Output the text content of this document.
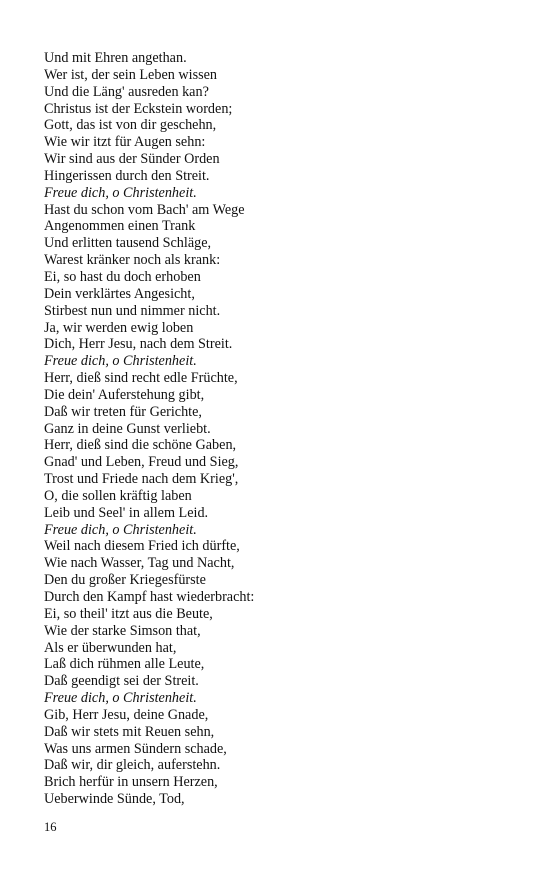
Und mit Ehren angethan.
Wer ist, der sein Leben wissen
Und die Läng' ausreden kan?
Christus ist der Eckstein worden;
Gott, das ist von dir geschehn,
Wie wir itzt für Augen sehn:
Wir sind aus der Sünder Orden
Hingerissen durch den Streit.
Freue dich, o Christenheit.
Hast du schon vom Bach' am Wege
Angenommen einen Trank
Und erlitten tausend Schläge,
Warest kränker noch als krank:
Ei, so hast du doch erhoben
Dein verklärtes Angesicht,
Stirbest nun und nimmer nicht.
Ja, wir werden ewig loben
Dich, Herr Jesu, nach dem Streit.
Freue dich, o Christenheit.
Herr, dieß sind recht edle Früchte,
Die dein' Auferstehung gibt,
Daß wir treten für Gerichte,
Ganz in deine Gunst verliebt.
Herr, dieß sind die schöne Gaben,
Gnad' und Leben, Freud und Sieg,
Trost und Friede nach dem Krieg',
O, die sollen kräftig laben
Leib und Seel' in allem Leid.
Freue dich, o Christenheit.
Weil nach diesem Fried ich dürfte,
Wie nach Wasser, Tag und Nacht,
Den du großer Kriegesfürste
Durch den Kampf hast wiederbracht:
Ei, so theil' itzt aus die Beute,
Wie der starke Simson that,
Als er überwunden hat,
Laß dich rühmen alle Leute,
Daß geendigt sei der Streit.
Freue dich, o Christenheit.
Gib, Herr Jesu, deine Gnade,
Daß wir stets mit Reuen sehn,
Was uns armen Sündern schade,
Daß wir, dir gleich, auferstehn.
Brich herfür in unsern Herzen,
Ueberwinde Sünde, Tod,
16
